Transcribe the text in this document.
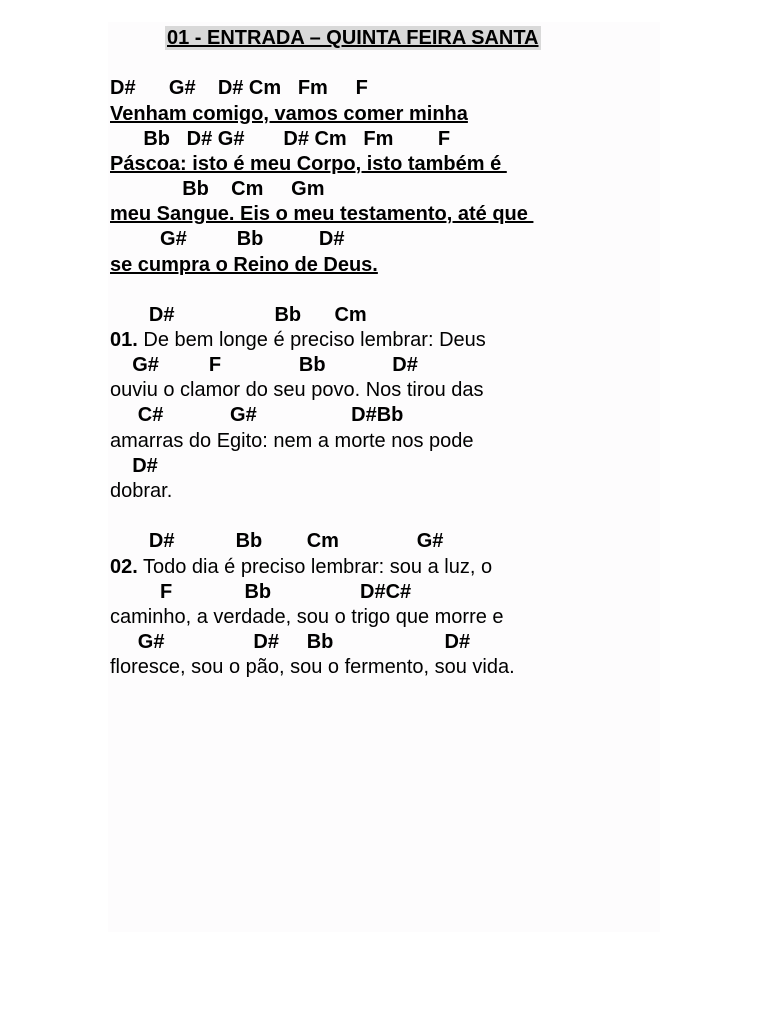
01 - ENTRADA – QUINTA FEIRA SANTA
D#      G#    D# Cm   Fm     F
Venham comigo, vamos comer minha
Bb   D# G#       D# Cm   Fm        F
Páscoa: isto é meu Corpo, isto também é
Bb    Cm     Gm
meu Sangue. Eis o meu testamento, até que
G#         Bb          D#
se cumpra o Reino de Deus.
D#                  Bb      Cm
01. De bem longe é preciso lembrar: Deus
G#         F              Bb            D#
ouviu o clamor do seu povo. Nos tirou das
C#            G#                 D#Bb
amarras do Egito: nem a morte nos pode
D#
dobrar.
D#           Bb        Cm              G#
02. Todo dia é preciso lembrar: sou a luz, o
F             Bb                D#C#
caminho, a verdade, sou o trigo que morre e
G#                D#     Bb                    D#
floresce, sou o pão, sou o fermento, sou vida.
